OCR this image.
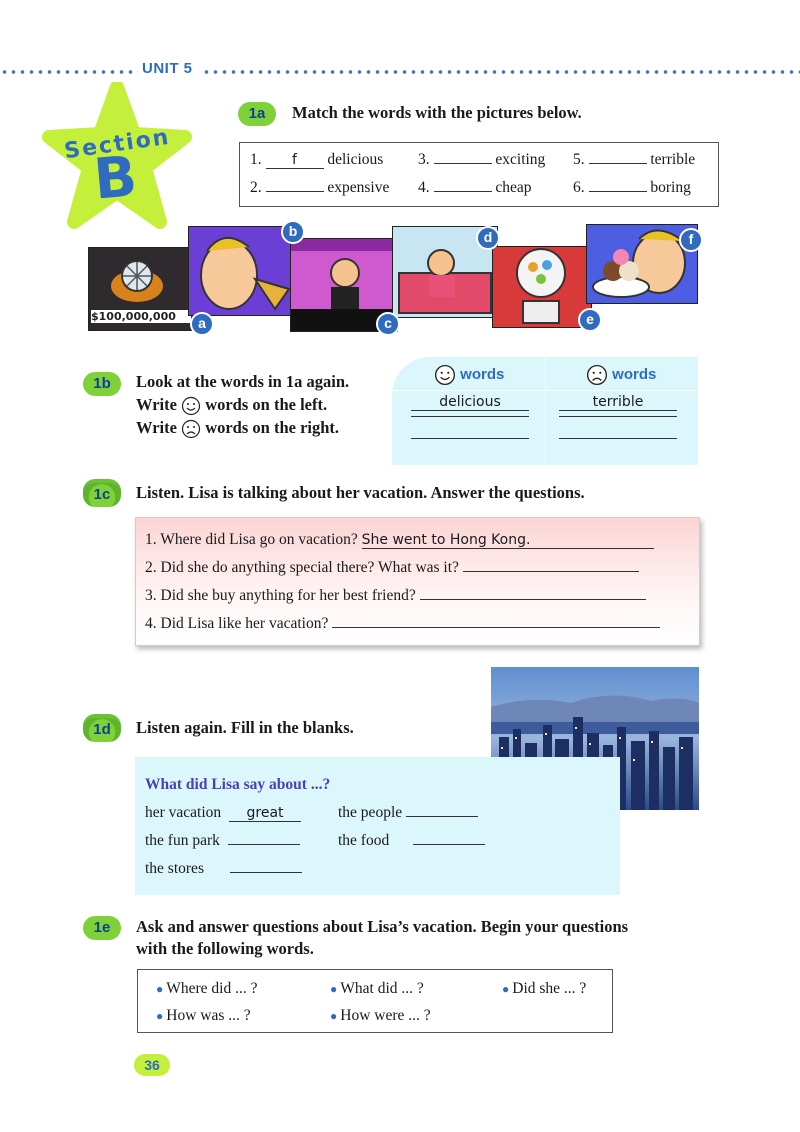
UNIT 5
Section
B
1a	Match the words with the pictures below.
1. f delicious
2.	expensive
3.	exciting
4.	cheap
5.	terrible
6.	boring
$100,000,000	a
b
c
d
e
f
1b	Look at the words in 1a again.
Write words on the left.
Write words on the right.
words	words
delicious	terrible
1c	Listen. Lisa is talking about her vacation. Answer the questions.
1. Where did Lisa go on vacation? She went to Hong Kong.
2. Did she do anything special there? What was it?
3. Did she buy anything for her best friend?
4. Did Lisa like her vacation?
1d	Listen again. Fill in the blanks.
What did Lisa say about ...?
her vacation great	the people
the fun park	the food
the stores
1e	Ask and answer questions about Lisa’s vacation. Begin your questions
with the following words.
● Where did ... ?	● What did ... ?	● Did she ... ?
● How was ... ?	● How were ... ?
36
